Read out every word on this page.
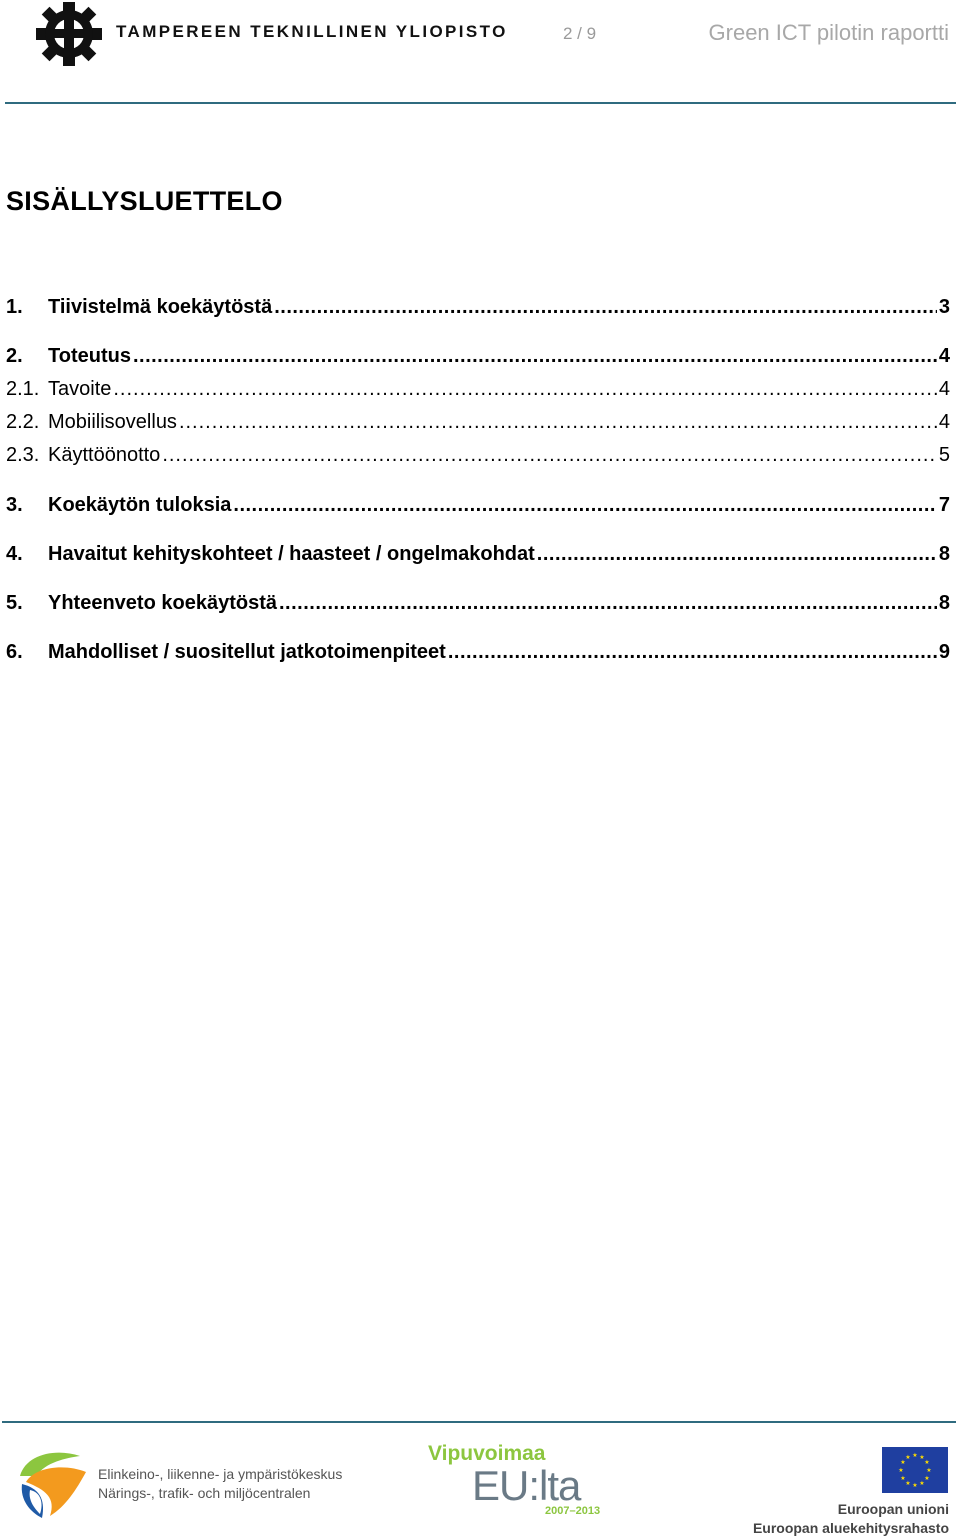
TAMPEREEN TEKNILLINEN YLIOPISTO	2 / 9	Green ICT pilotin raportti
SISÄLLYSLUETTELO
1.	Tiivistelmä koekäytöstä .....	3
2.	Toteutus .....	4
2.1. Tavoite .....	4
2.2. Mobiilisovellus .....	4
2.3. Käyttöönotto .....	5
3.	Koekäytön tuloksia .....	7
4.	Havaitut kehityskohteet / haasteet / ongelmakohdat .....	8
5.	Yhteenveto koekäytöstä .....	8
6.	Mahdolliset / suositellut jatkotoimenpiteet .....	9
Elinkeino-, liikenne- ja ympäristökeskus
Närings-, trafik- och miljöcentralen
Vipuvoimaa
EU:lta
2007–2013
★ ★
★
★
★
★
★
★
★
★
★
★
Euroopan unioni
Euroopan aluekehitysrahasto
